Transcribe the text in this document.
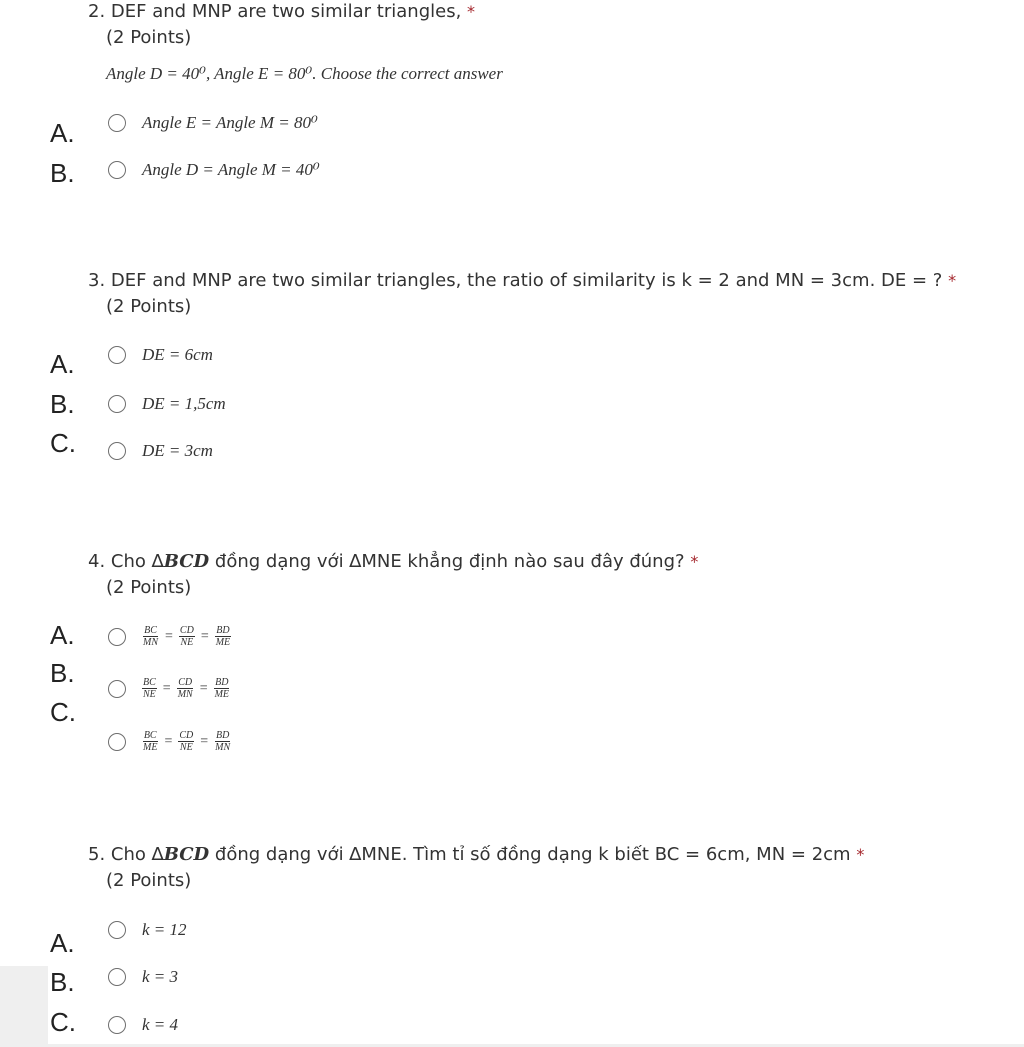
2. DEF and MNP are two similar triangles, *
(2 Points)
Angle D = 40⁰, Angle E = 80⁰. Choose the correct answer
A.	Angle E = Angle M = 80⁰
B.	Angle D = Angle M = 40⁰
3. DEF and MNP are two similar triangles, the ratio of similarity is k = 2 and MN = 3cm. DE = ? *
(2 Points)
A.	DE = 6cm
B.	DE = 1,5cm
C.	DE = 3cm
4. Cho ∆BCD đồng dạng với ∆MNE khẳng định nào sau đây đúng? *
(2 Points)
A.
B.
C.
$\frac{BC}{MN} = \frac{CD}{NE} = \frac{BD}{ME}$
$\frac{BC}{NE} = \frac{CD}{MN} = \frac{BD}{ME}$
$\frac{BC}{ME} = \frac{CD}{NE} = \frac{BD}{MN}$
5. Cho ∆BCD đồng dạng với ∆MNE. Tìm tỉ số đồng dạng k biết BC = 6cm, MN = 2cm *
(2 Points)
A.	k = 12
B.	k = 3
C.	k = 4
